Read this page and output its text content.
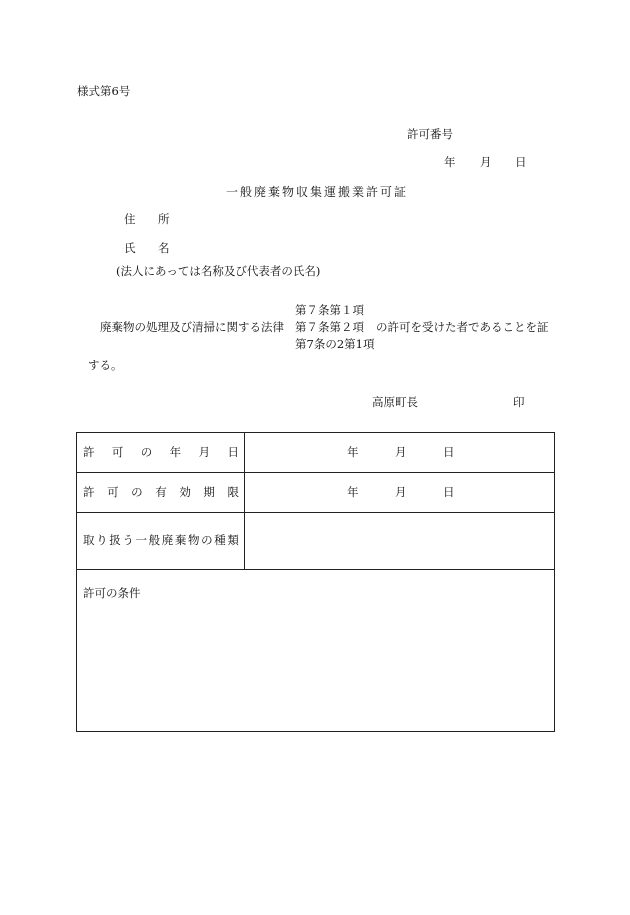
様式第6号
許可番号
年 月 日
一般廃棄物収集運搬業許可証
住 所
氏 名
(法人にあっては名称及び代表者の氏名)
第７条第１項
廃棄物の処理及び清掃に関する法律 第７条第２項 の許可を受けた者であることを証
第7条の2第1項
する。
高原町長	印
許 可 の 年 月 日	年	月	日
許 可 の 有 効 期 限	年	月	日
取 り 扱 う 一 般 廃 棄 物 の 種 類
許可の条件
